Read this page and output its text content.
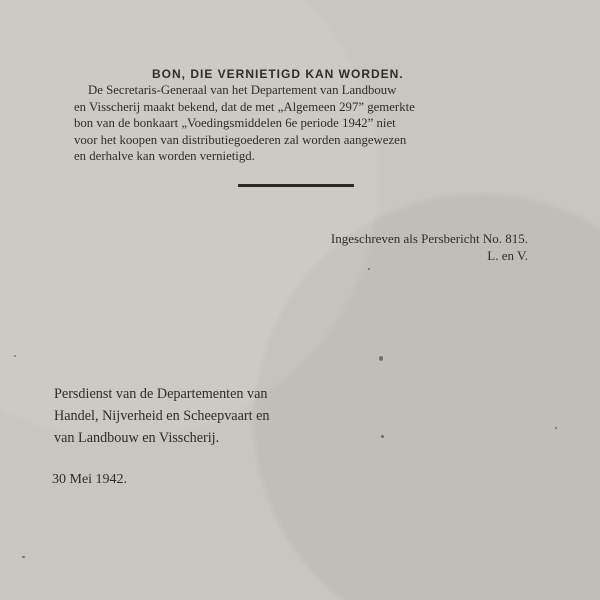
BON, DIE VERNIETIGD KAN WORDEN.
De Secretaris-Generaal van het Departement van Landbouw
en Visscherij maakt bekend, dat de met „Algemeen 297” gemerkte
bon van de bonkaart „Voedingsmiddelen 6e periode 1942” niet
voor het koopen van distributiegoederen zal worden aangewezen
en derhalve kan worden vernietigd.
Ingeschreven als Persbericht No. 815.
L. en V.
Persdienst van de Departementen van
Handel, Nijverheid en Scheepvaart en
van Landbouw en Visscherij.
30 Mei 1942.
